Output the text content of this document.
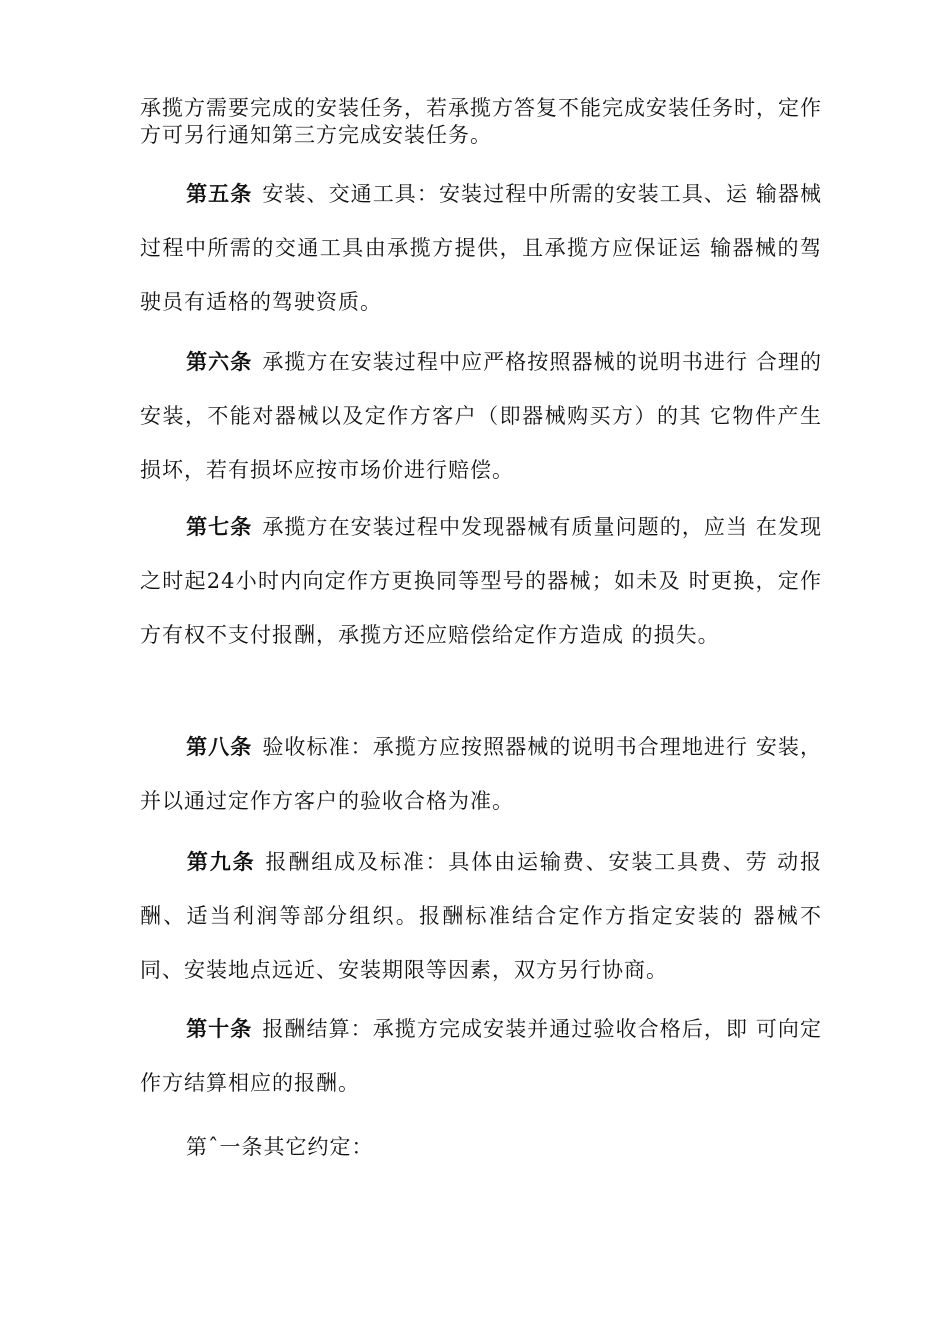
承揽方需要完成的安装任务，若承揽方答复不能完成安装任务时，定作方可另行通知第三方完成安装任务。

第五条 安装、交通工具：安装过程中所需的安装工具、运 输器械过程中所需的交通工具由承揽方提供，且承揽方应保证运 输器械的驾驶员有适格的驾驶资质。

第六条 承揽方在安装过程中应严格按照器械的说明书进行 合理的安装，不能对器械以及定作方客户（即器械购买方）的其 它物件产生损坏，若有损坏应按市场价进行赔偿。

第七条 承揽方在安装过程中发现器械有质量问题的，应当 在发现之时起24小时内向定作方更换同等型号的器械；如未及 时更换，定作方有权不支付报酬，承揽方还应赔偿给定作方造成 的损失。

第八条 验收标准：承揽方应按照器械的说明书合理地进行 安装，并以通过定作方客户的验收合格为准。

第九条 报酬组成及标准：具体由运输费、安装工具费、劳 动报酬、适当利润等部分组织。报酬标准结合定作方指定安装的 器械不同、安装地点远近、安装期限等因素，双方另行协商。

第十条 报酬结算：承揽方完成安装并通过验收合格后，即 可向定作方结算相应的报酬。

第ˆ一条其它约定：
